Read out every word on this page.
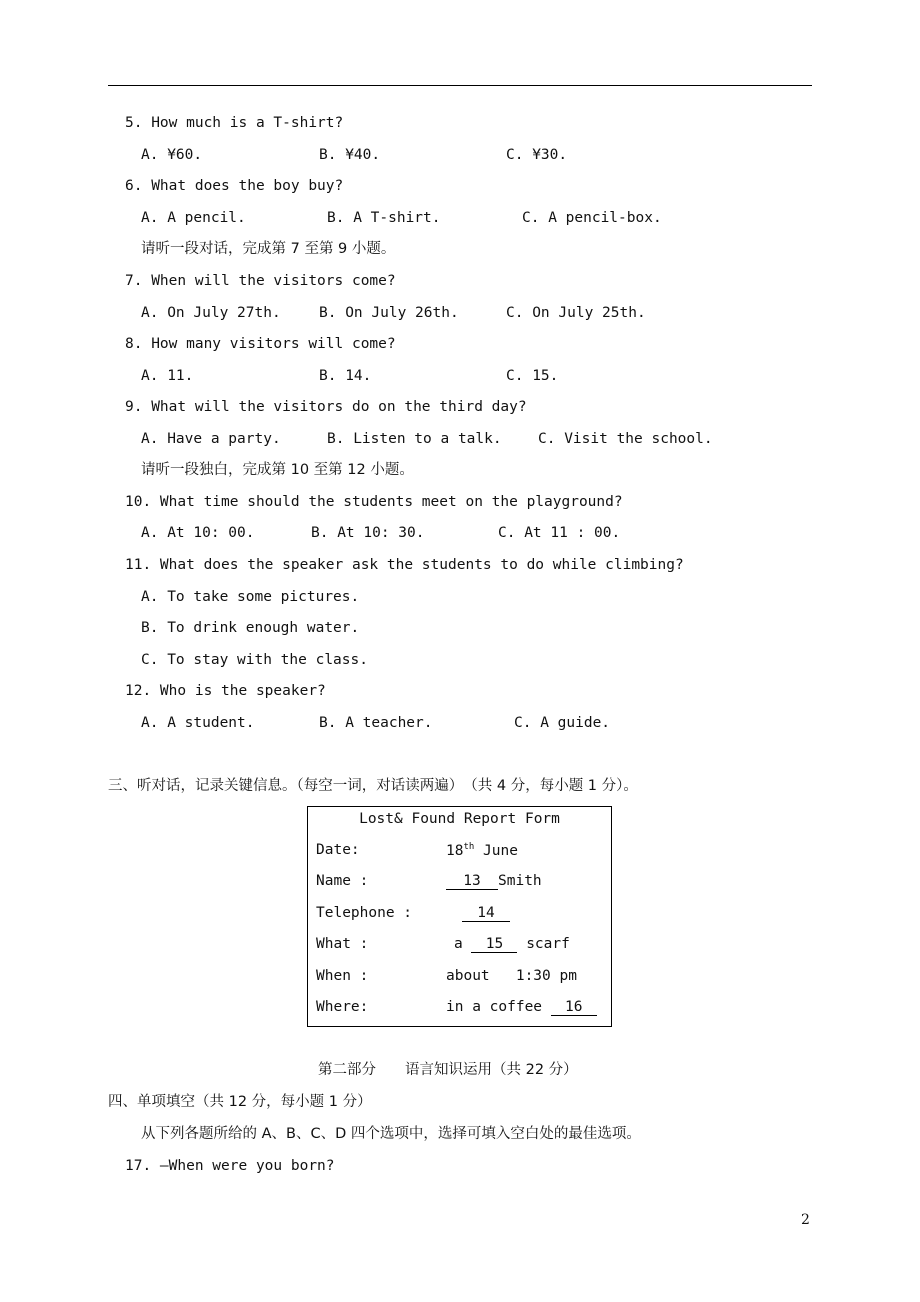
5. How much is a T-shirt?
A. ¥60.	B. ¥40.	C. ¥30.
6. What does the boy buy?
A. A pencil.	B. A T-shirt.	C. A pencil-box.
请听一段对话，完成第 7 至第 9 小题。
7. When will the visitors come?
A. On July 27th.	B. On July 26th.	C. On July 25th.
8. How many visitors will come?
A. 11.	B. 14.	C. 15.
9. What will the visitors do on the third day?
A. Have a party.	B. Listen to a talk.	C. Visit the school.
请听一段独白，完成第 10 至第 12 小题。
10. What time should the students meet on the playground?
A. At 10: 00.	B. At 10: 30.	C. At 11 : 00.
11. What does the speaker ask the students to do while climbing?
A. To take some pictures.
B. To drink enough water.
C. To stay with the class.
12. Who is the speaker?
A. A student.	B. A teacher.	C. A guide.
三、听对话，记录关键信息。（每空一词，对话读两遍）　（共 4 分，每小题 1 分）。
Lost& Found Report Form
Date:	18th June
Name :	13 Smith
Telephone :	14
What :	a 15 scarf
When :	about   1:30 pm
Where:	in a coffee 16
第二部分　　语言知识运用（共 22 分）
四、单项填空（共 12 分，每小题 1 分）
从下列各题所给的 A、B、C、D 四个选项中，选择可填入空白处的最佳选项。
17. —When were you born?
2
